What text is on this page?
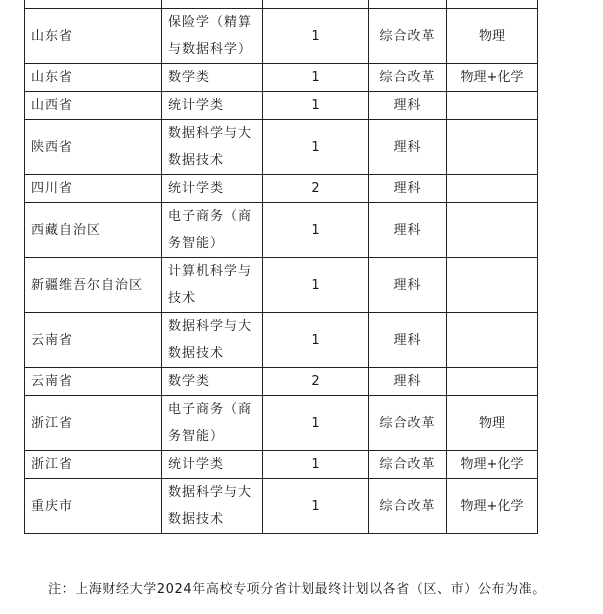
山东省	保险学（精算与数据科学）	1	综合改革	物理
山东省	数学类	1	综合改革	物理+化学
山西省	统计学类	1	理科	
陕西省	数据科学与大数据技术	1	理科	
四川省	统计学类	2	理科	
西藏自治区	电子商务（商务智能）	1	理科	
新疆维吾尔自治区	计算机科学与技术	1	理科	
云南省	数据科学与大数据技术	1	理科	
云南省	数学类	2	理科	
浙江省	电子商务（商务智能）	1	综合改革	物理
浙江省	统计学类	1	综合改革	物理+化学
重庆市	数据科学与大数据技术	1	综合改革	物理+化学
注：上海财经大学2024年高校专项分省计划最终计划以各省（区、市）公布为准。
